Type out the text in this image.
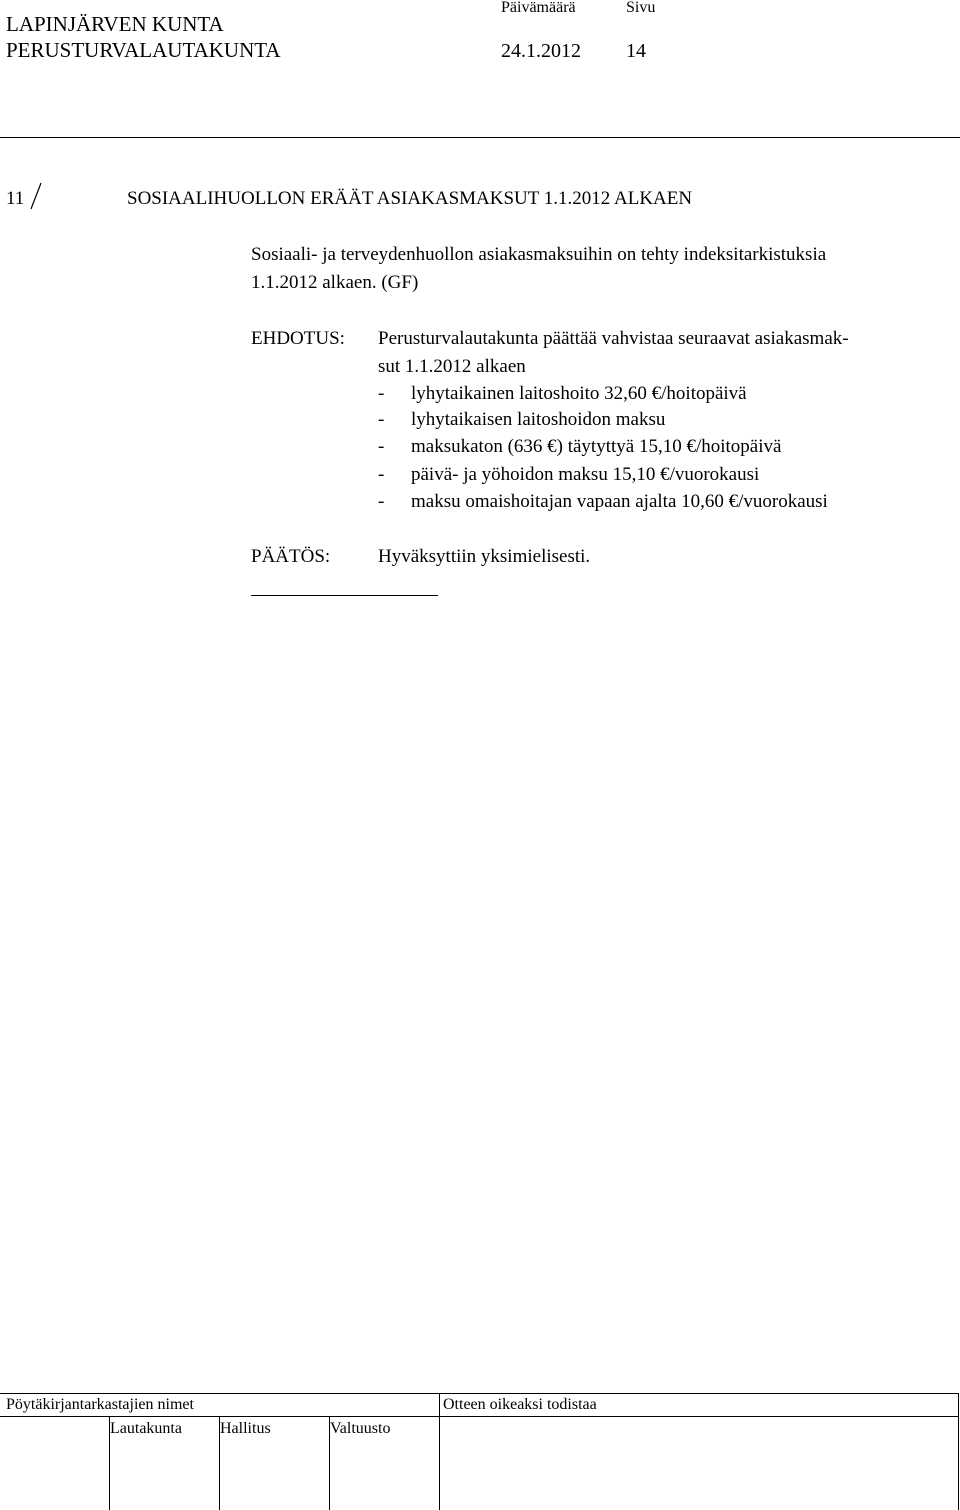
LAPINJÄRVEN KUNTA
PERUSTURVALAUTAKUNTA
Päivämäärä	Sivu
24.1.2012 14
11	SOSIAALIHUOLLON ERÄÄT ASIAKASMAKSUT 1.1.2012 ALKAEN
Sosiaali- ja terveydenhuollon asiakasmaksuihin on tehty indeksitarkistuksia
1.1.2012 alkaen. (GF)
EHDOTUS: Perusturvalautakunta päättää vahvistaa seuraavat asiakasmak-
sut 1.1.2012 alkaen
- lyhytaikainen laitoshoito 32,60 €/hoitopäivä
- lyhytaikaisen laitoshoidon maksu
- maksukaton (636 €) täytyttyä 15,10 €/hoitopäivä
- päivä- ja yöhoidon maksu 15,10 €/vuorokausi
- maksu omaishoitajan vapaan ajalta 10,60 €/vuorokausi
PÄÄTÖS:	Hyväksyttiin yksimielisesti.
Pöytäkirjantarkastajien nimet	Otteen oikeaksi todistaa
Lautakunta Hallitus	Valtuusto
